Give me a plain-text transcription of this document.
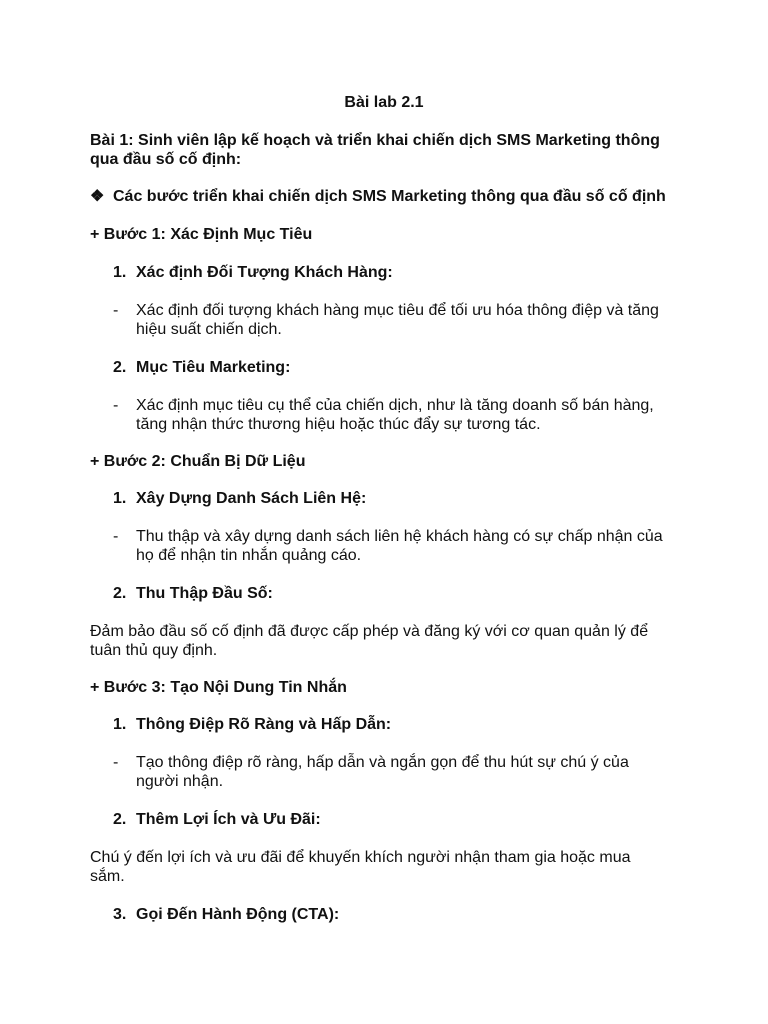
Bài lab 2.1
Bài 1: Sinh viên lập kế hoạch và triển khai chiến dịch SMS Marketing thông
qua đầu số cố định:
❖ Các bước triển khai chiến dịch SMS Marketing thông qua đầu số cố định
+ Bước 1: Xác Định Mục Tiêu
1. Xác định Đối Tượng Khách Hàng:
- Xác định đối tượng khách hàng mục tiêu để tối ưu hóa thông điệp và tăng
hiệu suất chiến dịch.
2. Mục Tiêu Marketing:
- Xác định mục tiêu cụ thể của chiến dịch, như là tăng doanh số bán hàng,
tăng nhận thức thương hiệu hoặc thúc đẩy sự tương tác.
+ Bước 2: Chuẩn Bị Dữ Liệu
1. Xây Dựng Danh Sách Liên Hệ:
- Thu thập và xây dựng danh sách liên hệ khách hàng có sự chấp nhận của
họ để nhận tin nhắn quảng cáo.
2. Thu Thập Đầu Số:
Đảm bảo đầu số cố định đã được cấp phép và đăng ký với cơ quan quản lý để
tuân thủ quy định.
+ Bước 3: Tạo Nội Dung Tin Nhắn
1. Thông Điệp Rõ Ràng và Hấp Dẫn:
- Tạo thông điệp rõ ràng, hấp dẫn và ngắn gọn để thu hút sự chú ý của
người nhận.
2. Thêm Lợi Ích và Ưu Đãi:
Chú ý đến lợi ích và ưu đãi để khuyến khích người nhận tham gia hoặc mua
sắm.
3. Gọi Đến Hành Động (CTA):
